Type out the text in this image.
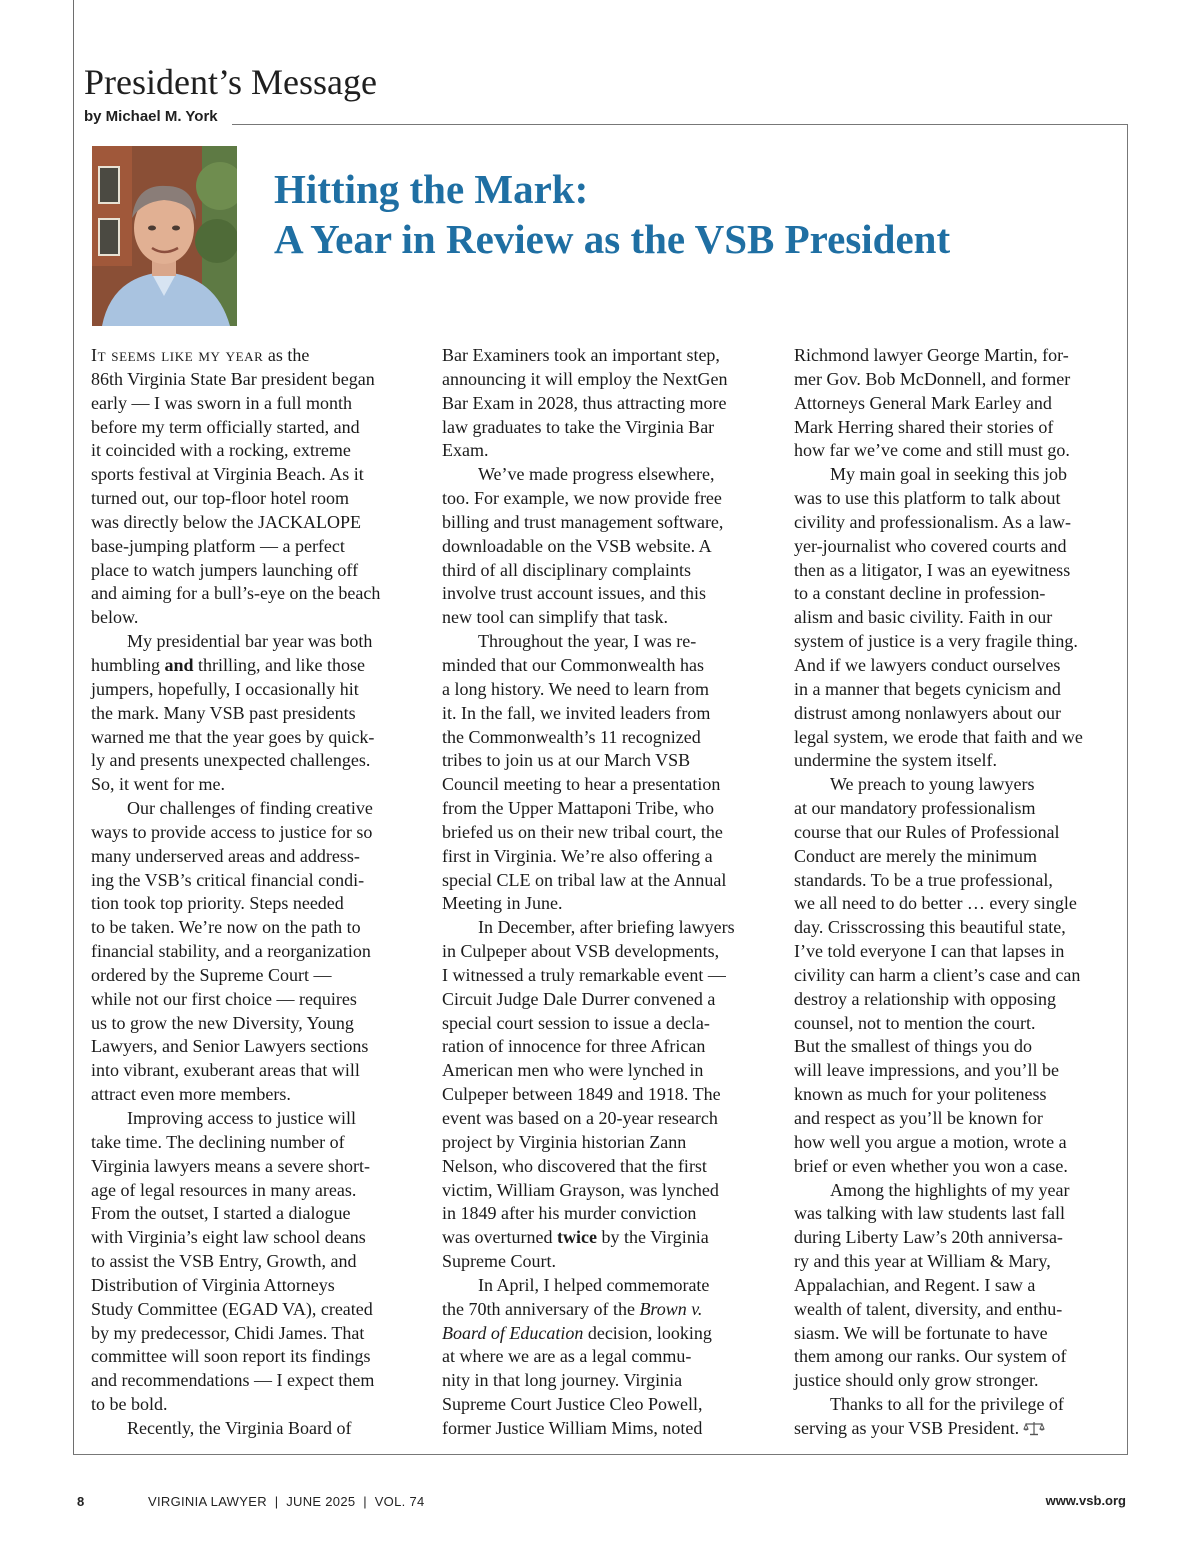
President’s Message
by Michael M. York
Hitting the Mark:
A Year in Review as the VSB President

It seems like my year as the
86th Virginia State Bar president began
early — I was sworn in a full month
before my term officially started, and
it coincided with a rocking, extreme
sports festival at Virginia Beach. As it
turned out, our top-floor hotel room
was directly below the JACKALOPE
base-jumping platform — a perfect
place to watch jumpers launching off
and aiming for a bull’s-eye on the beach
below.

My presidential bar year was both
humbling and thrilling, and like those
jumpers, hopefully, I occasionally hit
the mark. Many VSB past presidents
warned me that the year goes by quick-
ly and presents unexpected challenges.
So, it went for me.

Our challenges of finding creative
ways to provide access to justice for so
many underserved areas and address-
ing the VSB’s critical financial condi-
tion took top priority. Steps needed
to be taken. We’re now on the path to
financial stability, and a reorganization
ordered by the Supreme Court —
while not our first choice — requires
us to grow the new Diversity, Young
Lawyers, and Senior Lawyers sections
into vibrant, exuberant areas that will
attract even more members.

Improving access to justice will
take time. The declining number of
Virginia lawyers means a severe short-
age of legal resources in many areas.
From the outset, I started a dialogue
with Virginia’s eight law school deans
to assist the VSB Entry, Growth, and
Distribution of Virginia Attorneys
Study Committee (EGAD VA), created
by my predecessor, Chidi James. That
committee will soon report its findings
and recommendations — I expect them
to be bold.

Recently, the Virginia Board of

Bar Examiners took an important step,
announcing it will employ the NextGen
Bar Exam in 2028, thus attracting more
law graduates to take the Virginia Bar
Exam.

We’ve made progress elsewhere,
too. For example, we now provide free
billing and trust management software,
downloadable on the VSB website. A
third of all disciplinary complaints
involve trust account issues, and this
new tool can simplify that task.

Throughout the year, I was re-
minded that our Commonwealth has
a long history. We need to learn from
it. In the fall, we invited leaders from
the Commonwealth’s 11 recognized
tribes to join us at our March VSB
Council meeting to hear a presentation
from the Upper Mattaponi Tribe, who
briefed us on their new tribal court, the
first in Virginia. We’re also offering a
special CLE on tribal law at the Annual
Meeting in June.

In December, after briefing lawyers
in Culpeper about VSB developments,
I witnessed a truly remarkable event —
Circuit Judge Dale Durrer convened a
special court session to issue a decla-
ration of innocence for three African
American men who were lynched in
Culpeper between 1849 and 1918. The
event was based on a 20-year research
project by Virginia historian Zann
Nelson, who discovered that the first
victim, William Grayson, was lynched
in 1849 after his murder conviction
was overturned twice by the Virginia
Supreme Court.

In April, I helped commemorate
the 70th anniversary of the Brown v.
Board of Education decision, looking
at where we are as a legal commu-
nity in that long journey. Virginia
Supreme Court Justice Cleo Powell,
former Justice William Mims, noted

Richmond lawyer George Martin, for-
mer Gov. Bob McDonnell, and former
Attorneys General Mark Earley and
Mark Herring shared their stories of
how far we’ve come and still must go.

My main goal in seeking this job
was to use this platform to talk about
civility and professionalism. As a law-
yer-journalist who covered courts and
then as a litigator, I was an eyewitness
to a constant decline in profession-
alism and basic civility. Faith in our
system of justice is a very fragile thing.
And if we lawyers conduct ourselves
in a manner that begets cynicism and
distrust among nonlawyers about our
legal system, we erode that faith and we
undermine the system itself.

We preach to young lawyers
at our mandatory professionalism
course that our Rules of Professional
Conduct are merely the minimum
standards. To be a true professional,
we all need to do better … every single
day. Crisscrossing this beautiful state,
I’ve told everyone I can that lapses in
civility can harm a client’s case and can
destroy a relationship with opposing
counsel, not to mention the court.
But the smallest of things you do
will leave impressions, and you’ll be
known as much for your politeness
and respect as you’ll be known for
how well you argue a motion, wrote a
brief or even whether you won a case.

Among the highlights of my year
was talking with law students last fall
during Liberty Law’s 20th anniversa-
ry and this year at William & Mary,
Appalachian, and Regent. I saw a
wealth of talent, diversity, and enthu-
siasm. We will be fortunate to have
them among our ranks. Our system of
justice should only grow stronger.

Thanks to all for the privilege of
serving as your VSB President.

8	VIRGINIA LAWYER  |  JUNE 2025  |  VOL. 74	www.vsb.org
